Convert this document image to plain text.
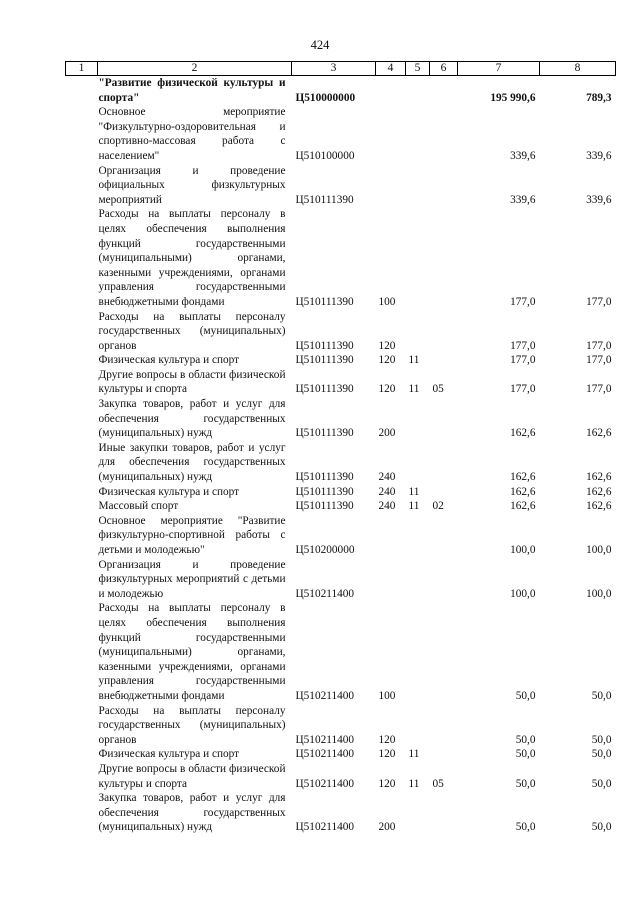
424
1	2	3	4	5	6	7	8
	"Развитие физической культуры и спорта"	Ц510000000				195 990,6	789,3
	Основное мероприятие "Физкультурно-оздоровительная и спортивно-массовая работа с населением"	Ц510100000				339,6	339,6
	Организация и проведение официальных физкультурных мероприятий	Ц510111390				339,6	339,6
	Расходы на выплаты персоналу в целях обеспечения выполнения функций государственными (муниципальными) органами, казенными учреждениями, органами управления государственными внебюджетными фондами	Ц510111390	100			177,0	177,0
	Расходы на выплаты персоналу государственных (муниципальных) органов	Ц510111390	120			177,0	177,0
	Физическая культура и спорт	Ц510111390	120	11		177,0	177,0
	Другие вопросы в области физической культуры и спорта	Ц510111390	120	11	05	177,0	177,0
	Закупка товаров, работ и услуг для обеспечения государственных (муниципальных) нужд	Ц510111390	200			162,6	162,6
	Иные закупки товаров, работ и услуг для обеспечения государственных (муниципальных) нужд	Ц510111390	240			162,6	162,6
	Физическая культура и спорт	Ц510111390	240	11		162,6	162,6
	Массовый спорт	Ц510111390	240	11	02	162,6	162,6
	Основное мероприятие "Развитие физкультурно-спортивной работы с детьми и молодежью"	Ц510200000				100,0	100,0
	Организация и проведение физкультурных мероприятий с детьми и молодежью	Ц510211400				100,0	100,0
	Расходы на выплаты персоналу в целях обеспечения выполнения функций государственными (муниципальными) органами, казенными учреждениями, органами управления государственными внебюджетными фондами	Ц510211400	100			50,0	50,0
	Расходы на выплаты персоналу государственных (муниципальных) органов	Ц510211400	120			50,0	50,0
	Физическая культура и спорт	Ц510211400	120	11		50,0	50,0
	Другие вопросы в области физической культуры и спорта	Ц510211400	120	11	05	50,0	50,0
	Закупка товаров, работ и услуг для обеспечения государственных (муниципальных) нужд	Ц510211400	200			50,0	50,0
